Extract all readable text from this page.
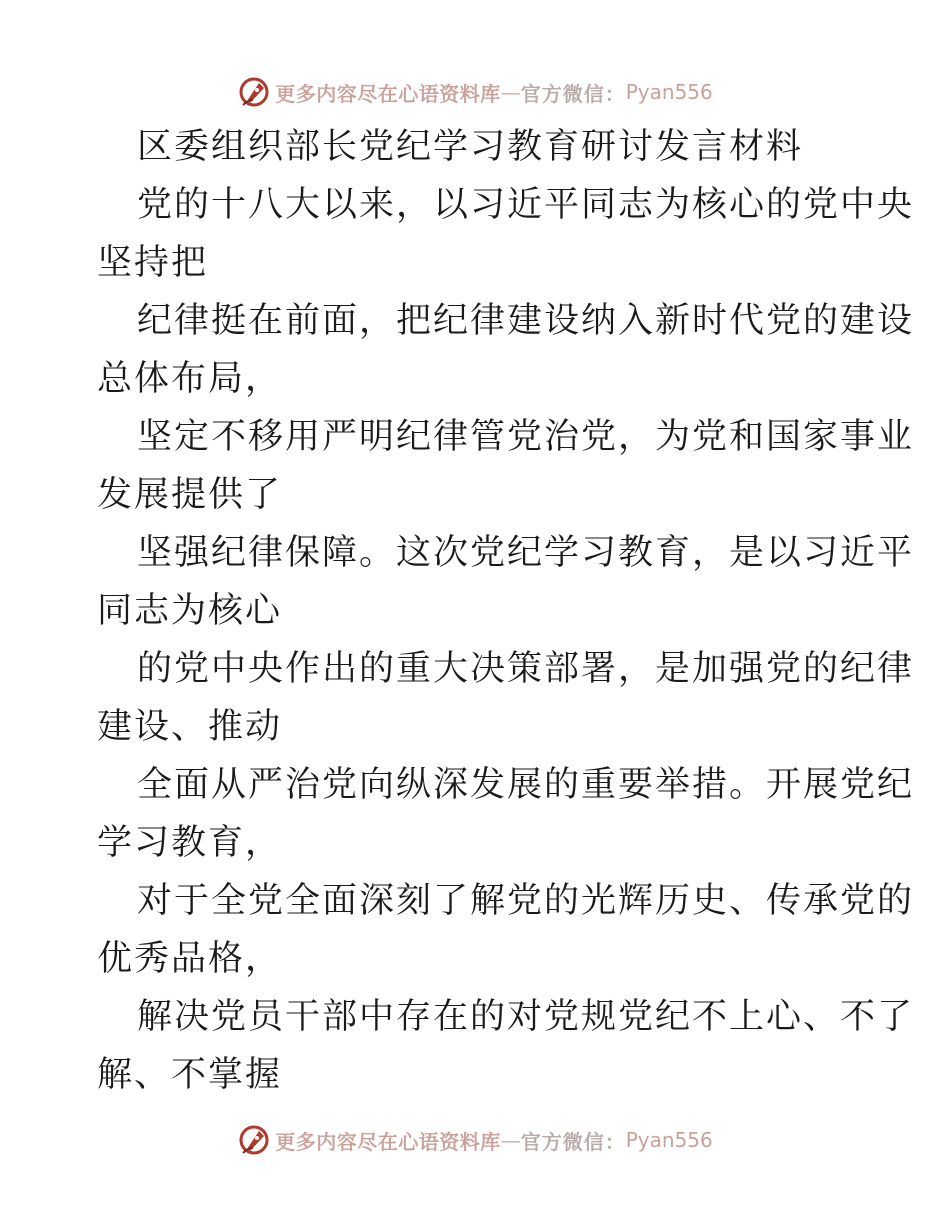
更多内容尽在心语资料库 — 官方微信： Pyan556

区委组织部长党纪学习教育研讨发言材料

党的十八大以来，以习近平同志为核心的党中央
坚持把

纪律挺在前面，把纪律建设纳入新时代党的建设
总体布局，

坚定不移用严明纪律管党治党，为党和国家事业
发展提供了

坚强纪律保障。这次党纪学习教育，是以习近平
同志为核心

的党中央作出的重大决策部署，是加强党的纪律
建设、推动

全面从严治党向纵深发展的重要举措。开展党纪
学习教育，

对于全党全面深刻了解党的光辉历史、传承党的
优秀品格，

解决党员干部中存在的对党规党纪不上心、不了
解、不掌握

更多内容尽在心语资料库 — 官方微信： Pyan556
